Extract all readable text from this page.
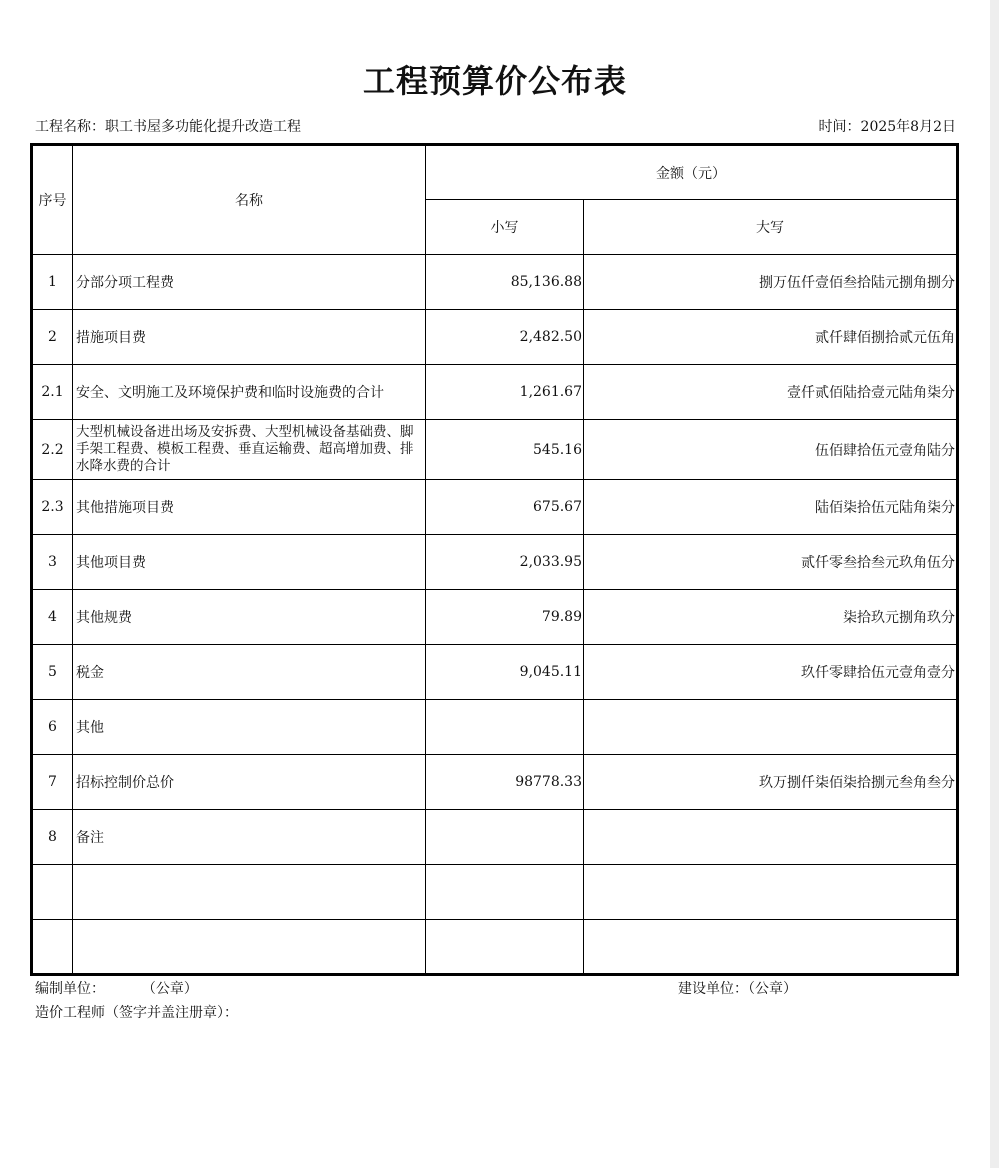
工程预算价公布表
工程名称：职工书屋多功能化提升改造工程	时间：2025年8月2日
序号	名称	金额（元）	
		小写	大写
1	分部分项工程费	85,136.88	捌万伍仟壹佰叁拾陆元捌角捌分
2	措施项目费	2,482.50	贰仟肆佰捌拾贰元伍角
2.1	安全、文明施工及环境保护费和临时设施费的合计	1,261.67	壹仟贰佰陆拾壹元陆角柒分
2.2	大型机械设备进出场及安拆费、大型机械设备基础费、脚手架工程费、模板工程费、垂直运输费、超高增加费、排水降水费的合计	545.16	伍佰肆拾伍元壹角陆分
2.3	其他措施项目费	675.67	陆佰柒拾伍元陆角柒分
3	其他项目费	2,033.95	贰仟零叁拾叁元玖角伍分
4	其他规费	79.89	柒拾玖元捌角玖分
5	税金	9,045.11	玖仟零肆拾伍元壹角壹分
6	其他		
7	招标控制价总价	98778.33	玖万捌仟柒佰柒拾捌元叁角叁分
8	备注		

编制单位：	（公章）	建设单位：（公章）
造价工程师（签字并盖注册章）：
